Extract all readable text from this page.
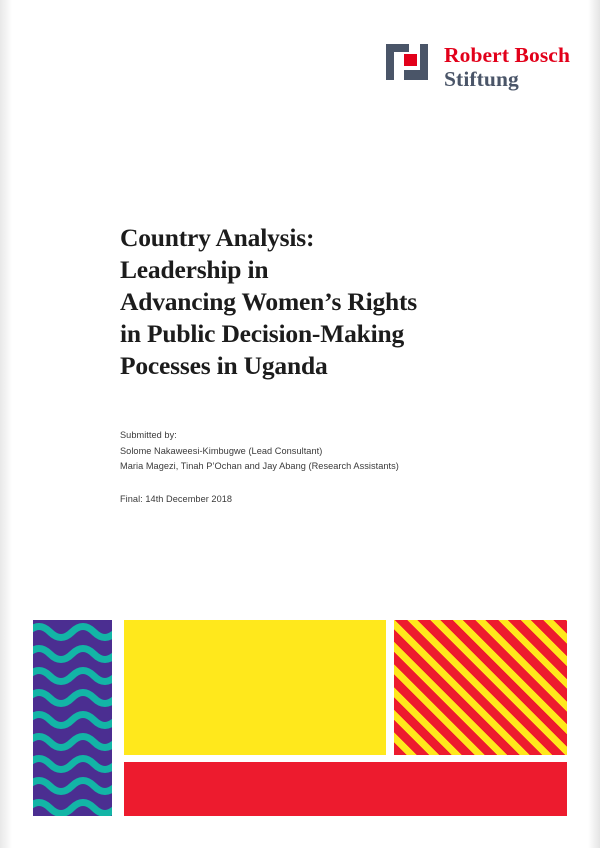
Robert Bosch
Stiftung
Country Analysis:
Leadership in
Advancing Women’s Rights
in Public Decision-Making
Pocesses in Uganda
Submitted by:
Solome Nakaweesi-Kimbugwe (Lead Consultant)
Maria Magezi, Tinah P’Ochan and Jay Abang (Research Assistants)
Final: 14th December 2018
